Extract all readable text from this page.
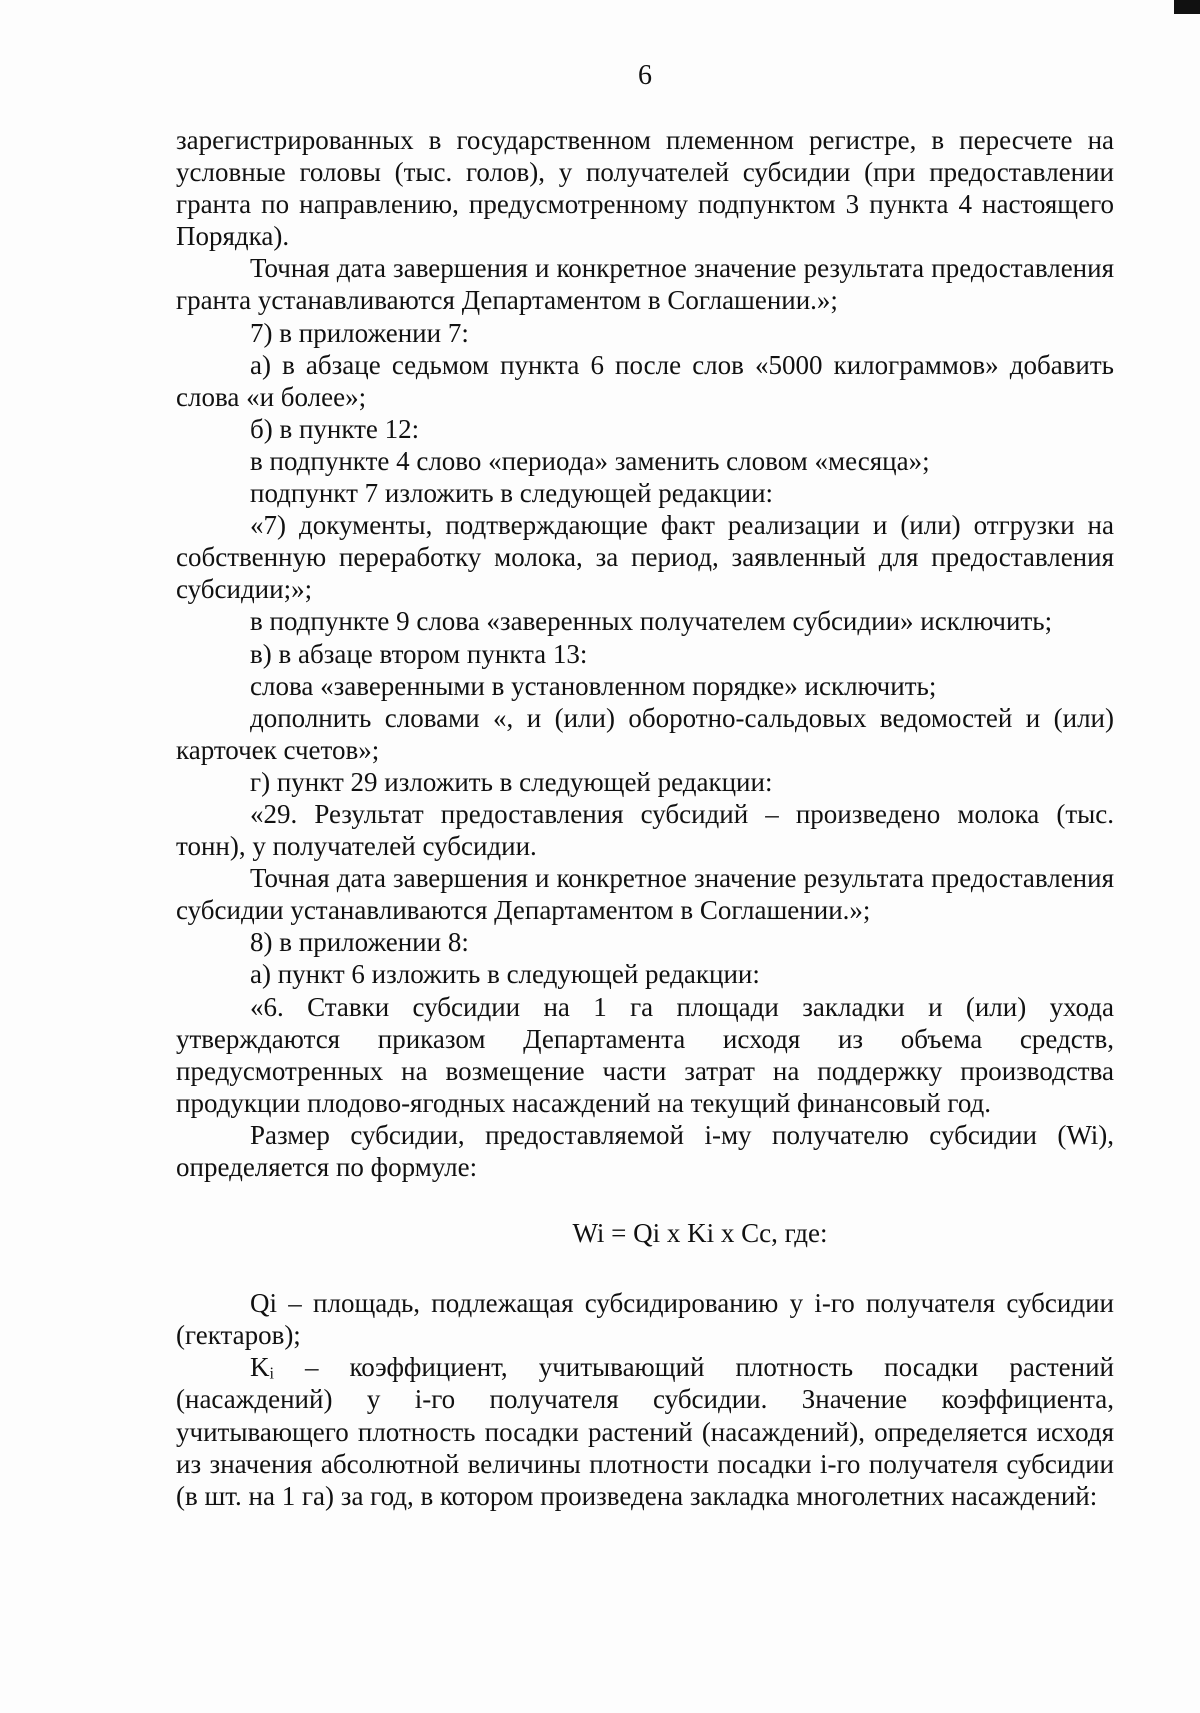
6

зарегистрированных в государственном племенном регистре, в пересчете на условные головы (тыс. голов), у получателей субсидии (при предоставлении гранта по направлению, предусмотренному подпунктом 3 пункта 4 настоящего Порядка).

Точная дата завершения и конкретное значение результата предоставления гранта устанавливаются Департаментом в Соглашении.»;

7) в приложении 7:

а) в абзаце седьмом пункта 6 после слов «5000 килограммов» добавить слова «и более»;

б) в пункте 12:

в подпункте 4 слово «периода» заменить словом «месяца»;

подпункт 7 изложить в следующей редакции:

«7) документы, подтверждающие факт реализации и (или) отгрузки на собственную переработку молока, за период, заявленный для предоставления субсидии;»;

в подпункте 9 слова «заверенных получателем субсидии» исключить;

в) в абзаце втором пункта 13:

слова «заверенными в установленном порядке» исключить;

дополнить словами «, и (или) оборотно-сальдовых ведомостей и (или) карточек счетов»;

г) пункт 29 изложить в следующей редакции:

«29. Результат предоставления субсидий – произведено молока (тыс. тонн), у получателей субсидии.

Точная дата завершения и конкретное значение результата предоставления субсидии устанавливаются Департаментом в Соглашении.»;

8) в приложении 8:

а) пункт 6 изложить в следующей редакции:

«6. Ставки субсидии на 1 га площади закладки и (или) ухода утверждаются приказом Департамента исходя из объема средств, предусмотренных на возмещение части затрат на поддержку производства продукции плодово-ягодных насаждений на текущий финансовый год.

Размер субсидии, предоставляемой i-му получателю субсидии (Wi), определяется по формуле:

Wi = Qi x Ki x Cc, где:

Qi – площадь, подлежащая субсидированию у i-го получателя субсидии (гектаров);

Kᵢ – коэффициент, учитывающий плотность посадки растений (насаждений) у i-го получателя субсидии. Значение коэффициента, учитывающего плотность посадки растений (насаждений), определяется исходя из значения абсолютной величины плотности посадки i-го получателя субсидии (в шт. на 1 га) за год, в котором произведена закладка многолетних насаждений:
